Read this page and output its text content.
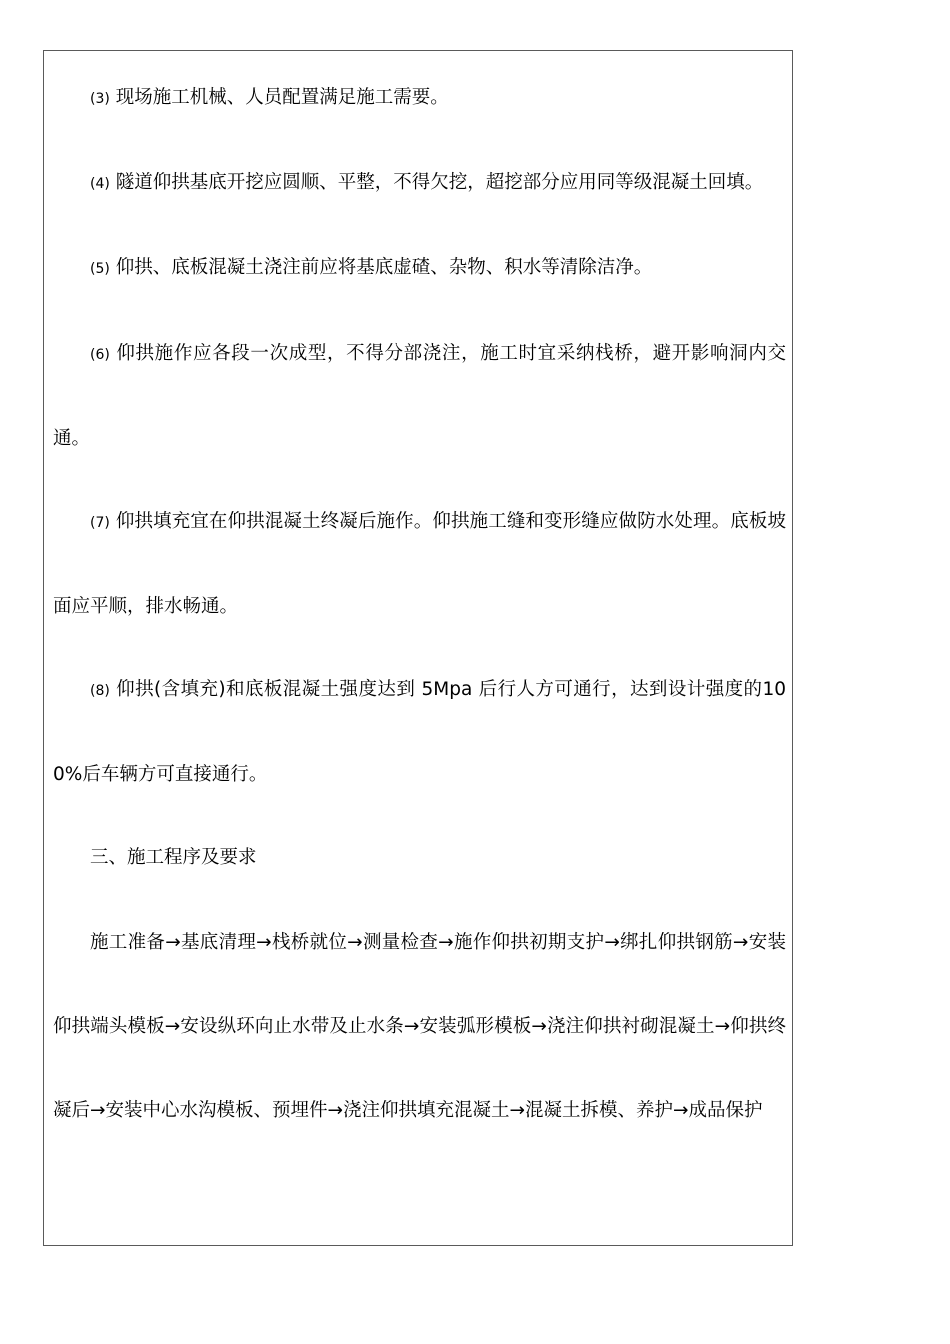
(3) 现场施工机械、人员配置满足施工需要。

(4) 隧道仰拱基底开挖应圆顺、平整，不得欠挖，超挖部分应用同等级混凝土回填。

(5) 仰拱、底板混凝土浇注前应将基底虚碴、杂物、积水等清除洁净。

(6) 仰拱施作应各段一次成型，不得分部浇注，施工时宜采纳栈桥，避开影响洞内交通。

(7) 仰拱填充宜在仰拱混凝土终凝后施作。仰拱施工缝和变形缝应做防水处理。底板坡面应平顺，排水畅通。

(8) 仰拱(含填充)和底板混凝土强度达到 5Mpa 后行人方可通行，达到设计强度的100%后车辆方可直接通行。

三、施工程序及要求

施工准备→基底清理→栈桥就位→测量检查→施作仰拱初期支护→绑扎仰拱钢筋→安装仰拱端头模板→安设纵环向止水带及止水条→安装弧形模板→浇注仰拱衬砌混凝土→仰拱终凝后→安装中心水沟模板、预埋件→浇注仰拱填充混凝土→混凝土拆模、养护→成品保护
